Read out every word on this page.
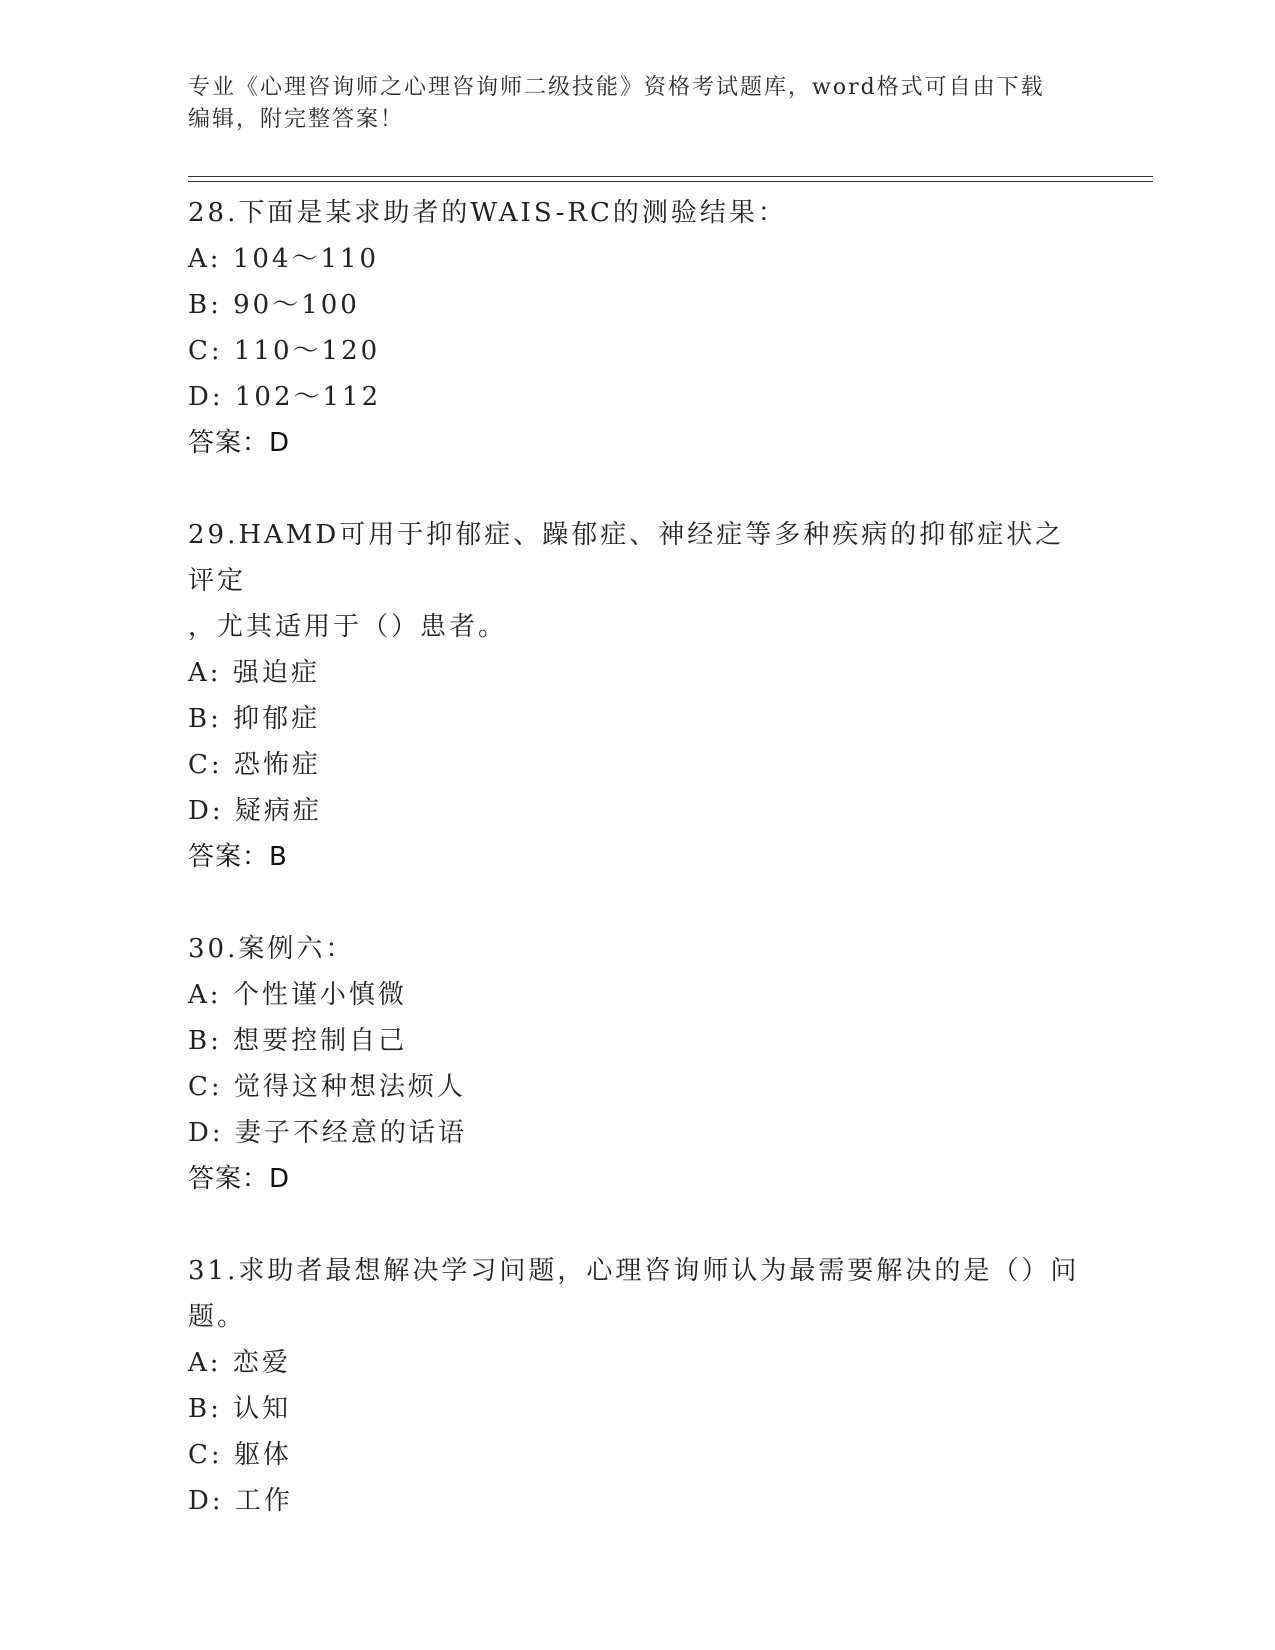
专业《心理咨询师之心理咨询师二级技能》资格考试题库，word格式可自由下载
编辑，附完整答案！
28.下面是某求助者的WAIS-RC的测验结果：
A: 104～110
B: 90～100
C: 110～120
D: 102～112
答案：D
29.HAMD可用于抑郁症、躁郁症、神经症等多种疾病的抑郁症状之评定
，尤其适用于（）患者。
A: 强迫症
B: 抑郁症
C: 恐怖症
D: 疑病症
答案：B
30.案例六：
A: 个性谨小慎微
B: 想要控制自己
C: 觉得这种想法烦人
D: 妻子不经意的话语
答案：D
31.求助者最想解决学习问题，心理咨询师认为最需要解决的是（）问
题。
A: 恋爱
B: 认知
C: 躯体
D: 工作
